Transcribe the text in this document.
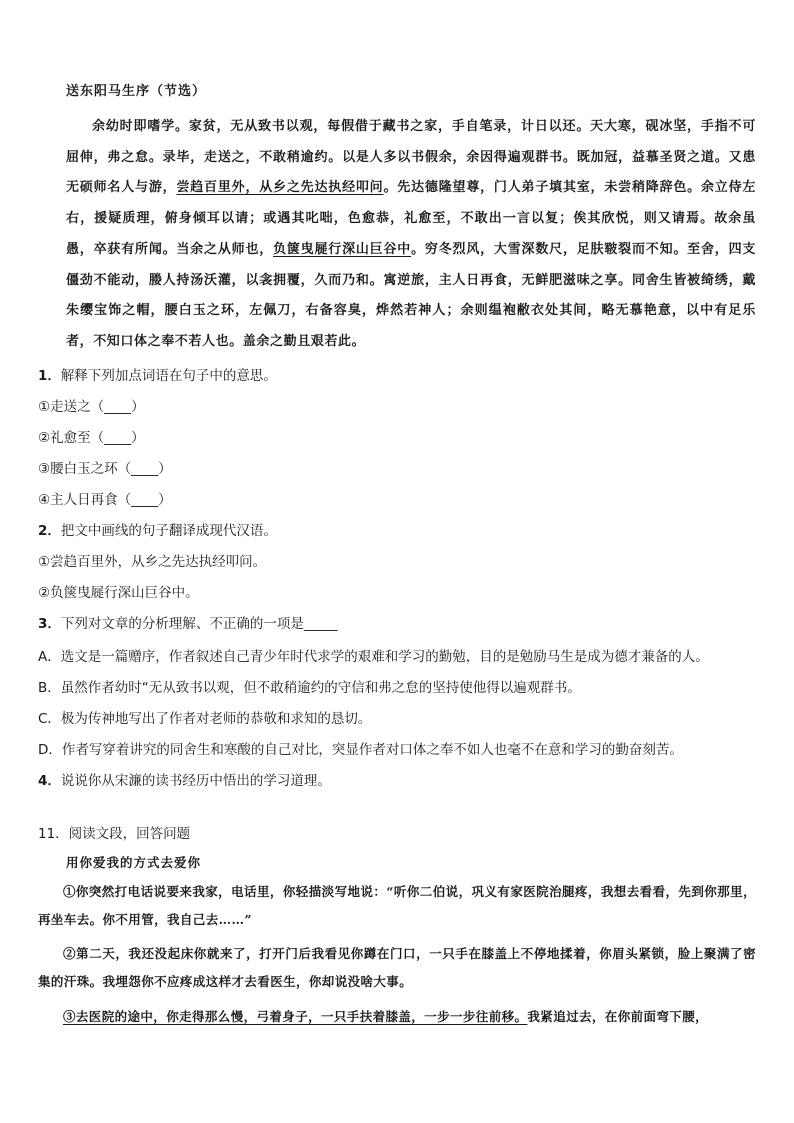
送东阳马生序（节选）
余幼时即嗜学。家贫，无从致书以观，每假借于藏书之家，手自笔录，计日以还。天大寒，砚冰坚，手指不可屈伸，弗之怠。录毕，走送之，不敢稍逾约。以是人多以书假余，余因得遍观群书。既加冠，益慕圣贤之道。又患无硕师名人与游，尝趋百里外，从乡之先达执经叩问。先达德隆望尊，门人弟子填其室，未尝稍降辞色。余立侍左右，援疑质理，俯身倾耳以请；或遇其叱咄，色愈恭，礼愈至，不敢出一言以复；俟其欣悦，则又请焉。故余虽愚，卒获有所闻。当余之从师也，负箧曳屣行深山巨谷中。穷冬烈风，大雪深数尺，足肤皲裂而不知。至舍，四支僵劲不能动，媵人持汤沃灌，以衾拥覆，久而乃和。寓逆旅，主人日再食，无鲜肥滋味之享。同舍生皆被绮绣，戴朱缨宝饰之帽，腰白玉之环，左佩刀，右备容臭，烨然若神人；余则缊袍敝衣处其间，略无慕艳意，以中有足乐者，不知口体之奉不若人也。盖余之勤且艰若此。
1．解释下列加点词语在句子中的意思。
①走送之（____）
②礼愈至（____）
③腰白玉之环（____）
④主人日再食（____）
2．把文中画线的句子翻译成现代汉语。
①尝趋百里外，从乡之先达执经叩问。
②负箧曳屣行深山巨谷中。
3．下列对文章的分析理解、不正确的一项是_____
A．选文是一篇赠序，作者叙述自己青少年时代求学的艰难和学习的勤勉，目的是勉励马生是成为德才兼备的人。
B．虽然作者幼时“无从致书以观，但不敢稍逾约的守信和弗之怠的坚持使他得以遍观群书。
C．极为传神地写出了作者对老师的恭敬和求知的恳切。
D．作者写穿着讲究的同舍生和寒酸的自己对比，突显作者对口体之奉不如人也毫不在意和学习的勤奋刻苦。
4．说说你从宋濂的读书经历中悟出的学习道理。
11．阅读文段，回答问题
用你爱我的方式去爱你
①你突然打电话说要来我家，电话里，你轻描淡写地说：“听你二伯说，巩义有家医院治腿疼，我想去看看，先到你那里，再坐车去。你不用管，我自己去……”
②第二天，我还没起床你就来了，打开门后我看见你蹲在门口，一只手在膝盖上不停地揉着，你眉头紧锁，脸上聚满了密集的汗珠。我埋怨你不应疼成这样才去看医生，你却说没啥大事。
③去医院的途中，你走得那么慢，弓着身子，一只手扶着膝盖，一步一步往前移。我紧追过去，在你前面弯下腰，
